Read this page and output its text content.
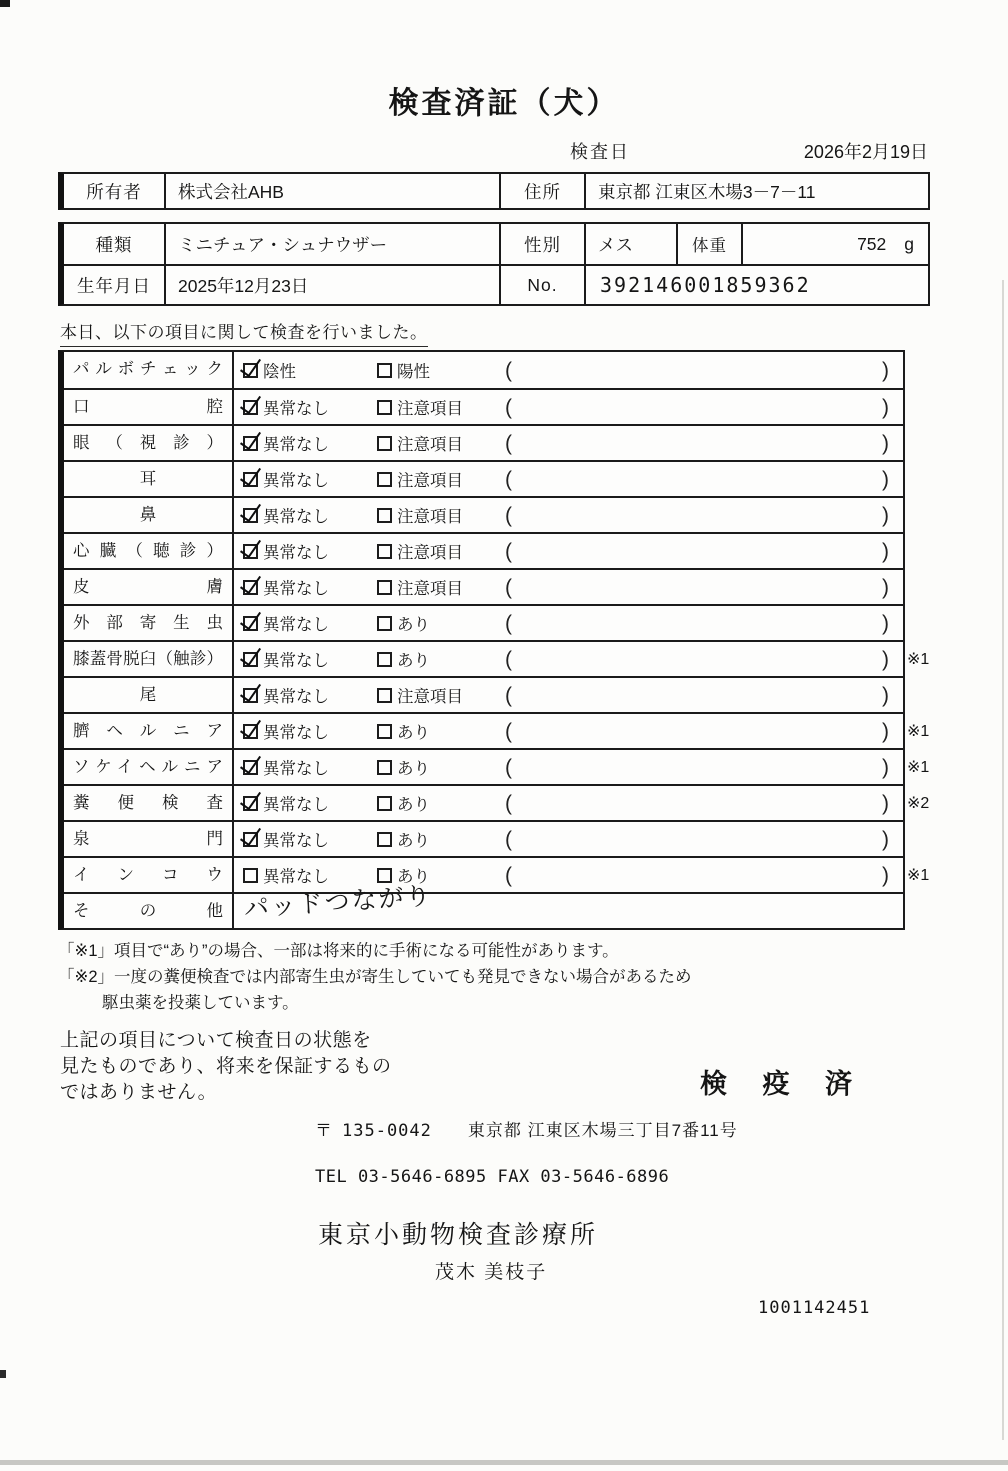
検査済証（犬）
検査日	2026年2月19日
所有者	株式会社AHB	住所	東京都 江東区木場3－7－11
種類	ミニチュア・シュナウザー	性別	メス	体重	752 g
生年月日	2025年12月23日	No.	392146001859362
本日、以下の項目に関して検査を行いました。
パルボチェック	陰性	陽性	(	)
口腔	異常なし	注意項目 (	)
眼（視診）	異常なし	注意項目 (	)
耳	異常なし	注意項目 (	)
鼻	異常なし	注意項目 (	)
心臓（聴診）	異常なし	注意項目 (	)
皮膚	異常なし	注意項目 (	)
外部寄生虫	異常なし	あり	(	)
膝蓋骨脱臼（触診）	異常なし	あり	(	) ※1
尾	異常なし	注意項目 (	)
臍ヘルニア	異常なし	あり	(	) ※1
ソケイヘルニア	異常なし	あり	(	) ※1
糞便検査	異常なし	あり	(	) ※2
泉門	異常なし	あり	(	)
インコウ	異常なし	あり	(	) ※1
その他 パッドつながり
「※1」項目で“あり”の場合、一部は将来的に手術になる可能性があります。
「※2」一度の糞便検査では内部寄生虫が寄生していても発見できない場合があるため
駆虫薬を投薬しています。
上記の項目について検査日の状態を
見たものであり、将来を保証するもの
ではありません。	検 疫 済
〒 135-0042 東京都 江東区木場三丁目7番11号
TEL 03-5646-6895 FAX 03-5646-6896
東京小動物検査診療所
茂木 美枝子
1001142451
